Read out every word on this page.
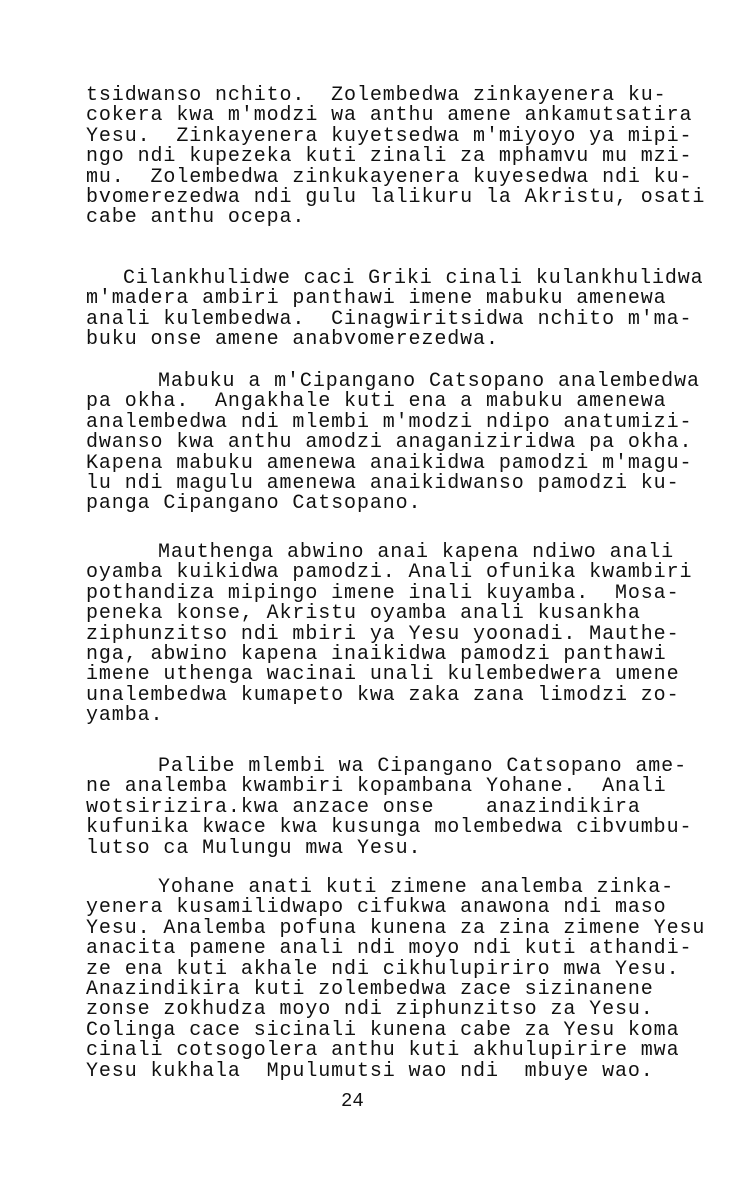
tsidwanso nchito.  Zolembedwa zinkayenera ku-
cokera kwa m'modzi wa anthu amene ankamutsatira
Yesu.  Zinkayenera kuyetsedwa m'miyoyo ya mipi-
ngo ndi kupezeka kuti zinali za mphamvu mu mzi-
mu.  Zolembedwa zinkukayenera kuyesedwa ndi ku-
bvomerezedwa ndi gulu lalikuru la Akristu, osati
cabe anthu ocepa.
Cilankhulidwe caci Griki cinali kulankhulidwa
m'madera ambiri panthawi imene mabuku amenewa
anali kulembedwa.  Cinagwiritsidwa nchito m'ma-
buku onse amene anabvomerezedwa.
Mabuku a m'Cipangano Catsopano analembedwa
pa okha.  Angakhale kuti ena a mabuku amenewa
analembedwa ndi mlembi m'modzi ndipo anatumizi-
dwanso kwa anthu amodzi anaganiziridwa pa okha.
Kapena mabuku amenewa anaikidwa pamodzi m'magu-
lu ndi magulu amenewa anaikidwanso pamodzi ku-
panga Cipangano Catsopano.
Mauthenga abwino anai kapena ndiwo anali
oyamba kuikidwa pamodzi. Anali ofunika kwambiri
pothandiza mipingo imene inali kuyamba.  Mosa-
peneka konse, Akristu oyamba anali kusankha
ziphunzitso ndi mbiri ya Yesu yoonadi. Mauthe-
nga, abwino kapena inaikidwa pamodzi panthawi
imene uthenga wacinai unali kulembedwera umene
unalembedwa kumapeto kwa zaka zana limodzi zo-
yamba.
Palibe mlembi wa Cipangano Catsopano ame-
ne analemba kwambiri kopambana Yohane.  Anali
wotsirizira.kwa anzace onse    anazindikira
kufunika kwace kwa kusunga molembedwa cibvumbu-
lutso ca Mulungu mwa Yesu.
Yohane anati kuti zimene analemba zinka-
yenera kusamilidwapo cifukwa anawona ndi maso
Yesu. Analemba pofuna kunena za zina zimene Yesu
anacita pamene anali ndi moyo ndi kuti athandi-
ze ena kuti akhale ndi cikhulupiriro mwa Yesu.
Anazindikira kuti zolembedwa zace sizinanene
zonse zokhudza moyo ndi ziphunzitso za Yesu.
Colinga cace sicinali kunena cabe za Yesu koma
cinali cotsogolera anthu kuti akhulupirire mwa
Yesu kukhala  Mpulumutsi wao ndi  mbuye wao.
24
